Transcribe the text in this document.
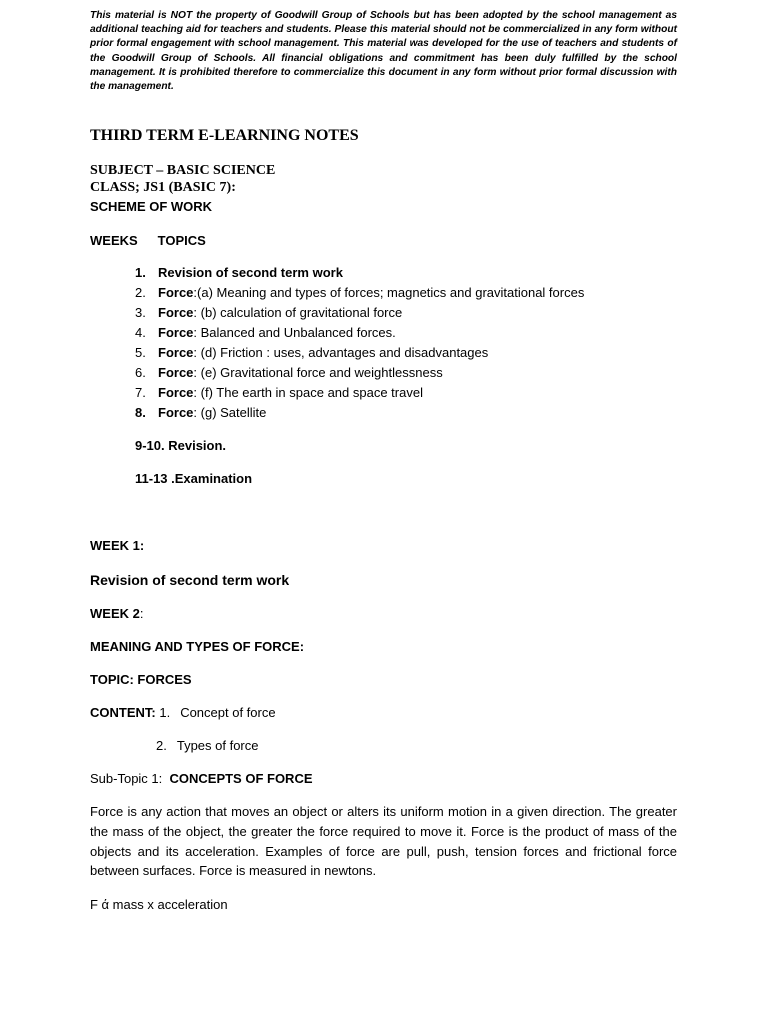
This material is NOT the property of Goodwill Group of Schools but has been adopted by the school management as additional teaching aid for teachers and students. Please this material should not be commercialized in any form without prior formal engagement with school management. This material was developed for the use of teachers and students of the Goodwill Group of Schools. All financial obligations and commitment has been duly fulfilled by the school management. It is prohibited therefore to commercialize this document in any form without prior formal discussion with the management.

THIRD TERM E-LEARNING NOTES
SUBJECT – BASIC SCIENCE
CLASS; JS1 (BASIC 7):
SCHEME OF WORK
WEEKS TOPICS
1. Revision of second term work
2. Force:(a) Meaning and types of forces; magnetics and gravitational forces
3. Force: (b) calculation of gravitational force
4. Force: Balanced and Unbalanced forces.
5. Force: (d) Friction : uses, advantages and disadvantages
6. Force: (e) Gravitational force and weightlessness
7. Force: (f) The earth in space and space travel
8. Force: (g) Satellite
9-10. Revision.
11-13 .Examination
WEEK 1:
Revision of second term work
WEEK 2:
MEANING AND TYPES OF FORCE:
TOPIC: FORCES
CONTENT: 1. Concept of force
2. Types of force
Sub-Topic 1: CONCEPTS OF FORCE

Force is any action that moves an object or alters its uniform motion in a given direction. The greater the mass of the object, the greater the force required to move it. Force is the product of mass of the objects and its acceleration. Examples of force are pull, push, tension forces and frictional force between surfaces. Force is measured in newtons.

F ά mass x acceleration
